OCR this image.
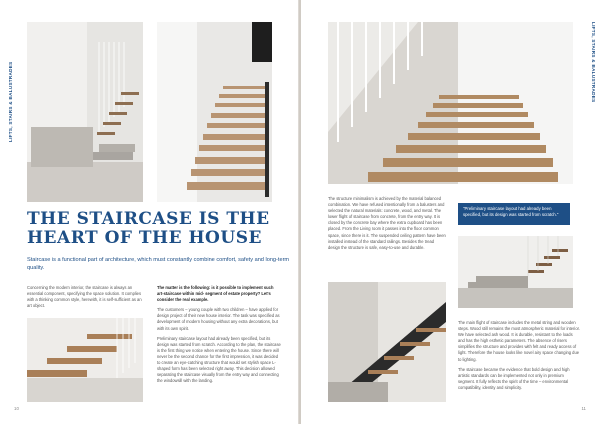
LIFTS, STAIRS & BALUSTRADES
THE STAIRCASE IS THE
HEART OF THE HOUSE
Staircase is a functional part of architecture, which must constantly combine comfort, safety and long-term quality.

Concerning the modern interior, the staircase is always an essential component, specifying the space solution. It complies with a thinking common style, herewith, it is self-sufficient as an art object.

The matter is the following: is it possible to implement such art-staircase within mid- segment of estate property? Let's consider the real example.

The customers – young couple with two children – have applied for design project of their new house interior. The task was specified as development of modern housing without any extra decorations, but with its own spirit.

Preliminary staircase layout had already been specified, but its design was started from scratch. According to the plan, the staircase is the first thing we notice when entering the house. Since there will never be the second chance for the first impression, it was decided to create an eye-catching structure that would set stylish space L-shaped form has been selected right away. This decision allowed separating the staircase visually from the entry way and connecting the windowsill with the landing.

10
LIFTS, STAIRS & BALUSTRADES

The structure minimalism is achieved by the material balanced combination. We have refused intentionally from a balusters and selected the natural materials: concrete, wood, and metal. The lower flight of staircase from concrete, from the entry way. It is closed by the concrete bay where the extra cupboard has been placed. From the Living room it passes into the floor common space, since there is it. The suspended ceiling pattern have been installed instead of the standard railings. Besides the tread design the structure is safe, easy-to-use and durable.

"Preliminary staircase layout had already been specified, but its design was started from scratch."

The main flight of staircase includes the metal string and wooden steps. Wood still remains the most atmospheric material for interior. We have selected ash wood. It is durable, resistant to the loads and has the high esthetic parameters. The absence of risers simplifies the structure and provides with felt and ready access of light. Therefore the house looks like novel airy space changing due to lighting.

The staircase became the evidence that bold design and high artistic standards can be implemented not only in premium segment. It fully reflects the spirit of the time – environmental compatibility, identity and simplicity.

11
